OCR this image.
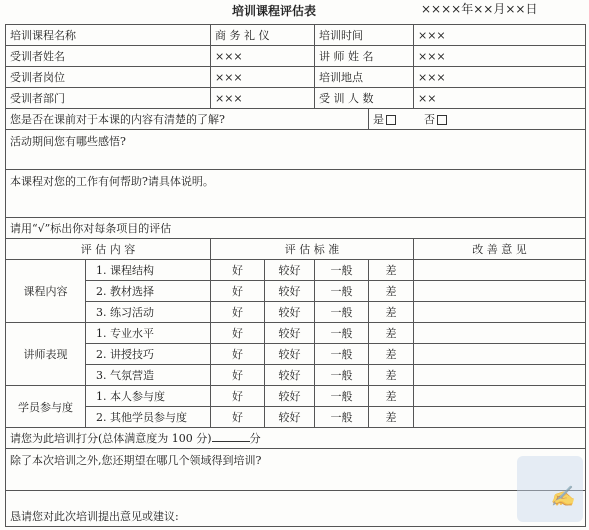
培训课程评估表	××××年××月××日
培训课程名称		商 务 礼 仪		培训时间		×××
受训者姓名		×××		讲 师 姓 名		×××
受训者岗位		×××		培训地点		×××
受训者部门		×××		受 训 人 数		××
您是否在课前对于本课的内容有清楚的了解?					是 否	
活动期间您有哪些感悟?						
本课程对您的工作有何帮助?请具体说明。						
请用“√”标出你对每条项目的评估						
评 估 内 容		评 估 标 准				改 善 意 见
课程内容	1. 课程结构	好	较好	一般	差	
	2. 教材选择	好	较好	一般	差	
	3. 练习活动	好	较好	一般	差	
讲师表现	1. 专业水平	好	较好	一般	差	
	2. 讲授技巧	好	较好	一般	差	
	3. 气氛营造	好	较好	一般	差	
学员参与度	1. 本人参与度	好	较好	一般	差	
	2. 其他学员参与度	好	较好	一般	差	
请您为此培训打分(总体满意度为 100 分) 分						
除了本次培训之外,您还期望在哪几个领域得到培训?						
恳请您对此次培训提出意见或建议:						
✍
